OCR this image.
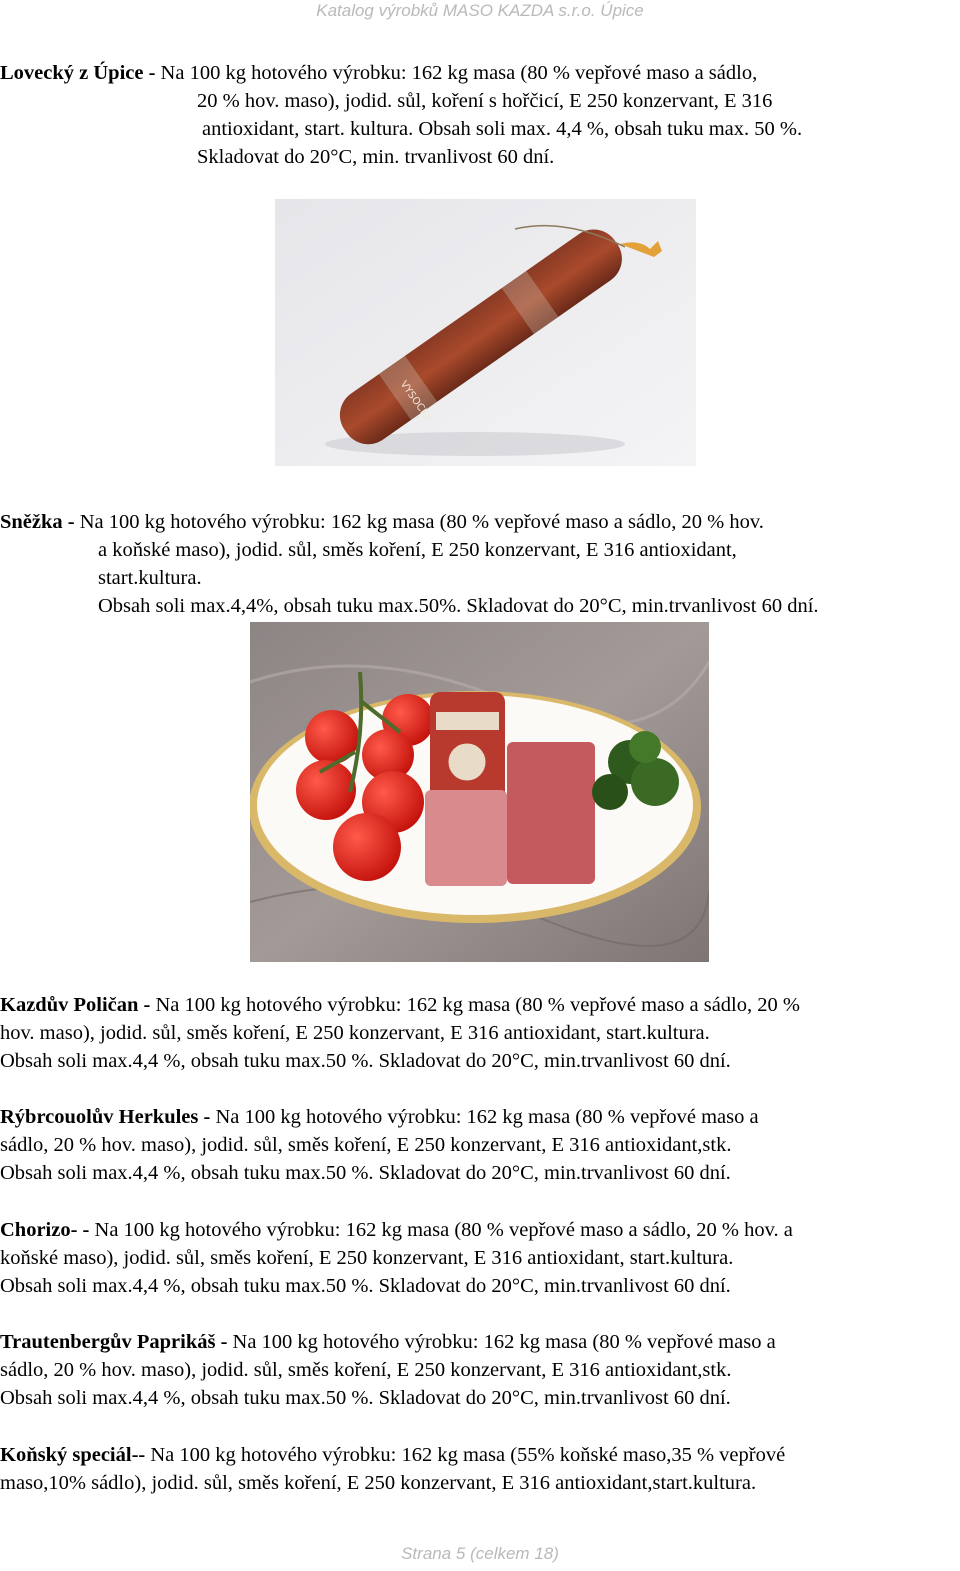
Katalog výrobků MASO KAZDA s.r.o. Úpice
Lovecký z Úpice - Na 100 kg hotového výrobku: 162 kg masa (80 % vepřové maso a sádlo,
20 % hov. maso), jodid. sůl, koření s hořčicí, E 250 konzervant, E 316
antioxidant, start. kultura. Obsah soli max. 4,4 %, obsah tuku max. 50 %.
Skladovat do 20°C, min. trvanlivost 60 dní.
VYSOCKÝ
Sněžka - Na 100 kg hotového výrobku: 162 kg masa (80 % vepřové maso a sádlo, 20 % hov.
a koňské maso), jodid. sůl, směs koření, E 250 konzervant, E 316 antioxidant,
start.kultura.
Obsah soli max.4,4%, obsah tuku max.50%. Skladovat do 20°C, min.trvanlivost 60 dní.
Kazdův Poličan - Na 100 kg hotového výrobku: 162 kg masa (80 % vepřové maso a sádlo, 20 %
hov. maso), jodid. sůl, směs koření, E 250 konzervant, E 316 antioxidant, start.kultura.
Obsah soli max.4,4 %, obsah tuku max.50 %. Skladovat do 20°C, min.trvanlivost 60 dní.
Rýbrcouolův Herkules - Na 100 kg hotového výrobku: 162 kg masa (80 % vepřové maso a
sádlo, 20 % hov. maso), jodid. sůl, směs koření, E 250 konzervant, E 316 antioxidant,stk.
Obsah soli max.4,4 %, obsah tuku max.50 %. Skladovat do 20°C, min.trvanlivost 60 dní.
Chorizo- - Na 100 kg hotového výrobku: 162 kg masa (80 % vepřové maso a sádlo, 20 % hov. a
koňské maso), jodid. sůl, směs koření, E 250 konzervant, E 316 antioxidant, start.kultura.
Obsah soli max.4,4 %, obsah tuku max.50 %. Skladovat do 20°C, min.trvanlivost 60 dní.
Trautenbergův Paprikáš - Na 100 kg hotového výrobku: 162 kg masa (80 % vepřové maso a
sádlo, 20 % hov. maso), jodid. sůl, směs koření, E 250 konzervant, E 316 antioxidant,stk.
Obsah soli max.4,4 %, obsah tuku max.50 %. Skladovat do 20°C, min.trvanlivost 60 dní.
Koňský speciál-- Na 100 kg hotového výrobku: 162 kg masa (55% koňské maso,35 % vepřové
maso,10% sádlo), jodid. sůl, směs koření, E 250 konzervant, E 316 antioxidant,start.kultura.
Strana 5 (celkem 18)
